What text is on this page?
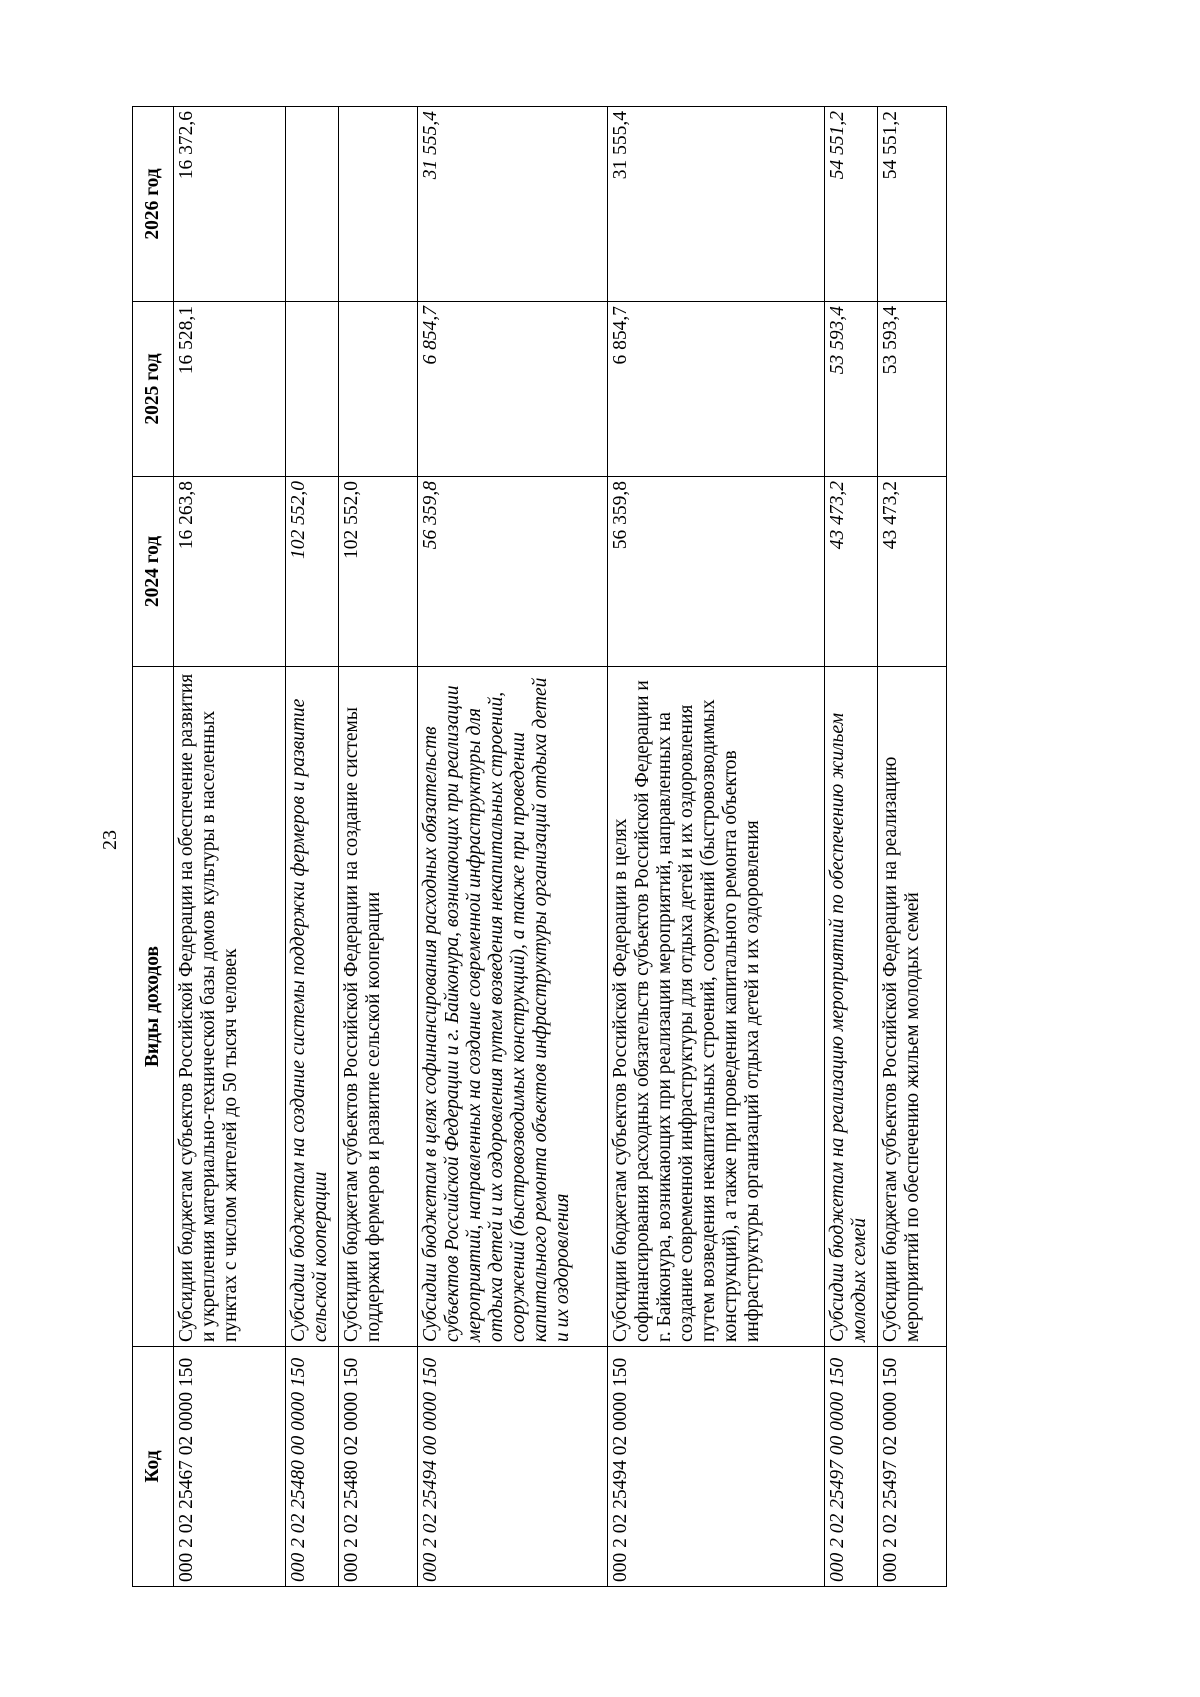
23
Код	Виды доходов	2024 год	2025 год	2026 год
000 2 02 25467 02 0000 150	Субсидии бюджетам субъектов Российской Федерации на обеспечение развития и укрепления материально-технической базы домов культуры в населенных пунктах с числом жителей до 50 тысяч человек	16 263,8	16 528,1	16 372,6
000 2 02 25480 00 0000 150	Субсидии бюджетам на создание системы поддержки фермеров и развитие сельской кооперации	102 552,0		
000 2 02 25480 02 0000 150	Субсидии бюджетам субъектов Российской Федерации на создание системы поддержки фермеров и развитие сельской кооперации	102 552,0		
000 2 02 25494 00 0000 150	Субсидии бюджетам в целях софинансирования расходных обязательств субъектов Российской Федерации и г. Байконура, возникающих при реализации мероприятий, направленных на создание современной инфраструктуры для отдыха детей и их оздоровления путем возведения некапитальных строений, сооружений (быстровозводимых конструкций), а также при проведении капитального ремонта объектов инфраструктуры организаций отдыха детей и их оздоровления	56 359,8	6 854,7	31 555,4
000 2 02 25494 02 0000 150	Субсидии бюджетам субъектов Российской Федерации в целях софинансирования расходных обязательств субъектов Российской Федерации и г. Байконура, возникающих при реализации мероприятий, направленных на создание современной инфраструктуры для отдыха детей и их оздоровления путем возведения некапитальных строений, сооружений (быстровозводимых конструкций), а также при проведении капитального ремонта объектов инфраструктуры организаций отдыха детей и их оздоровления	56 359,8	6 854,7	31 555,4
000 2 02 25497 00 0000 150	Субсидии бюджетам на реализацию мероприятий по обеспечению жильем молодых семей	43 473,2	53 593,4	54 551,2
000 2 02 25497 02 0000 150	Субсидии бюджетам субъектов Российской Федерации на реализацию мероприятий по обеспечению жильем молодых семей	43 473,2	53 593,4	54 551,2
